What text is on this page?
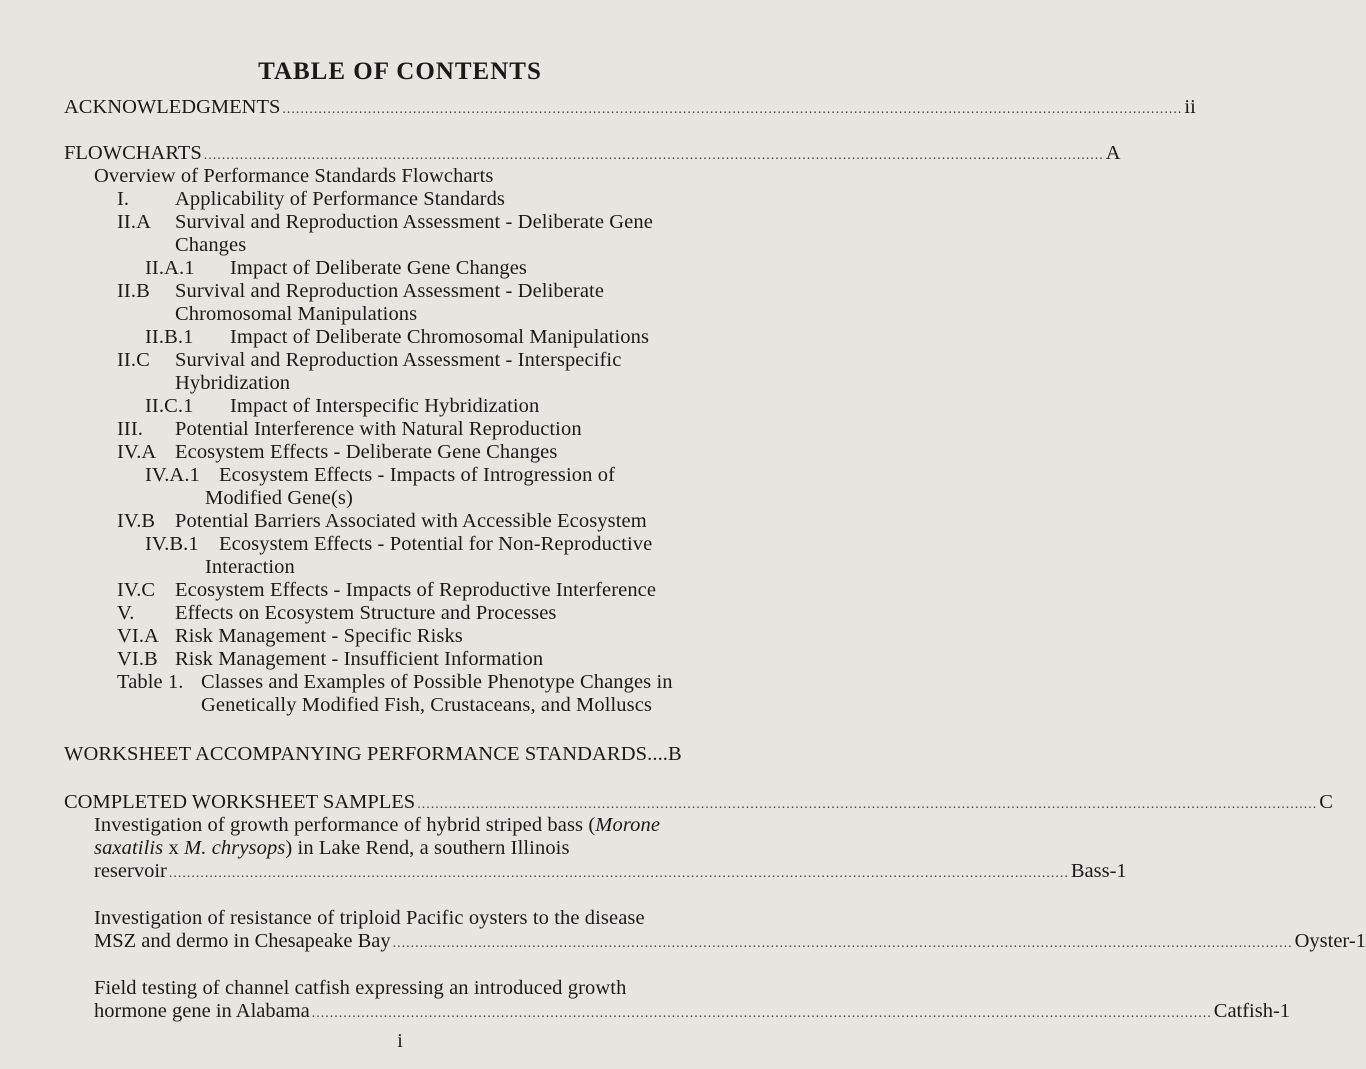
TABLE OF CONTENTS
ACKNOWLEDGMENTS ........................................................................................................................................................................................................ ii
FLOWCHARTS ........................................................................................................................................................................................................ A
Overview of Performance Standards Flowcharts
I. Applicability of Performance Standards
II.A Survival and Reproduction Assessment - Deliberate Gene
Changes
II.A.1 Impact of Deliberate Gene Changes
II.B Survival and Reproduction Assessment - Deliberate
Chromosomal Manipulations
II.B.1 Impact of Deliberate Chromosomal Manipulations
II.C Survival and Reproduction Assessment - Interspecific
Hybridization
II.C.1 Impact of Interspecific Hybridization
III. Potential Interference with Natural Reproduction
IV.A Ecosystem Effects - Deliberate Gene Changes
IV.A.1 Ecosystem Effects - Impacts of Introgression of
Modified Gene(s)
IV.B Potential Barriers Associated with Accessible Ecosystem
IV.B.1 Ecosystem Effects - Potential for Non-Reproductive
Interaction
IV.C Ecosystem Effects - Impacts of Reproductive Interference
V. Effects on Ecosystem Structure and Processes
VI.A Risk Management - Specific Risks
VI.B Risk Management - Insufficient Information
Table 1. Classes and Examples of Possible Phenotype Changes in
Genetically Modified Fish, Crustaceans, and Molluscs
WORKSHEET ACCOMPANYING PERFORMANCE STANDARDS....B
COMPLETED WORKSHEET SAMPLES ........................................................................................................................................................................................................ C
Investigation of growth performance of hybrid striped bass (Morone
saxatilis x M. chrysops) in Lake Rend, a southern Illinois
reservoir ........................................................................................................................................................................................................ Bass-1
Investigation of resistance of triploid Pacific oysters to the disease
MSZ and dermo in Chesapeake Bay ........................................................................................................................................................................................................ Oyster-1
Field testing of channel catfish expressing an introduced growth
hormone gene in Alabama ........................................................................................................................................................................................................ Catfish-1
i
